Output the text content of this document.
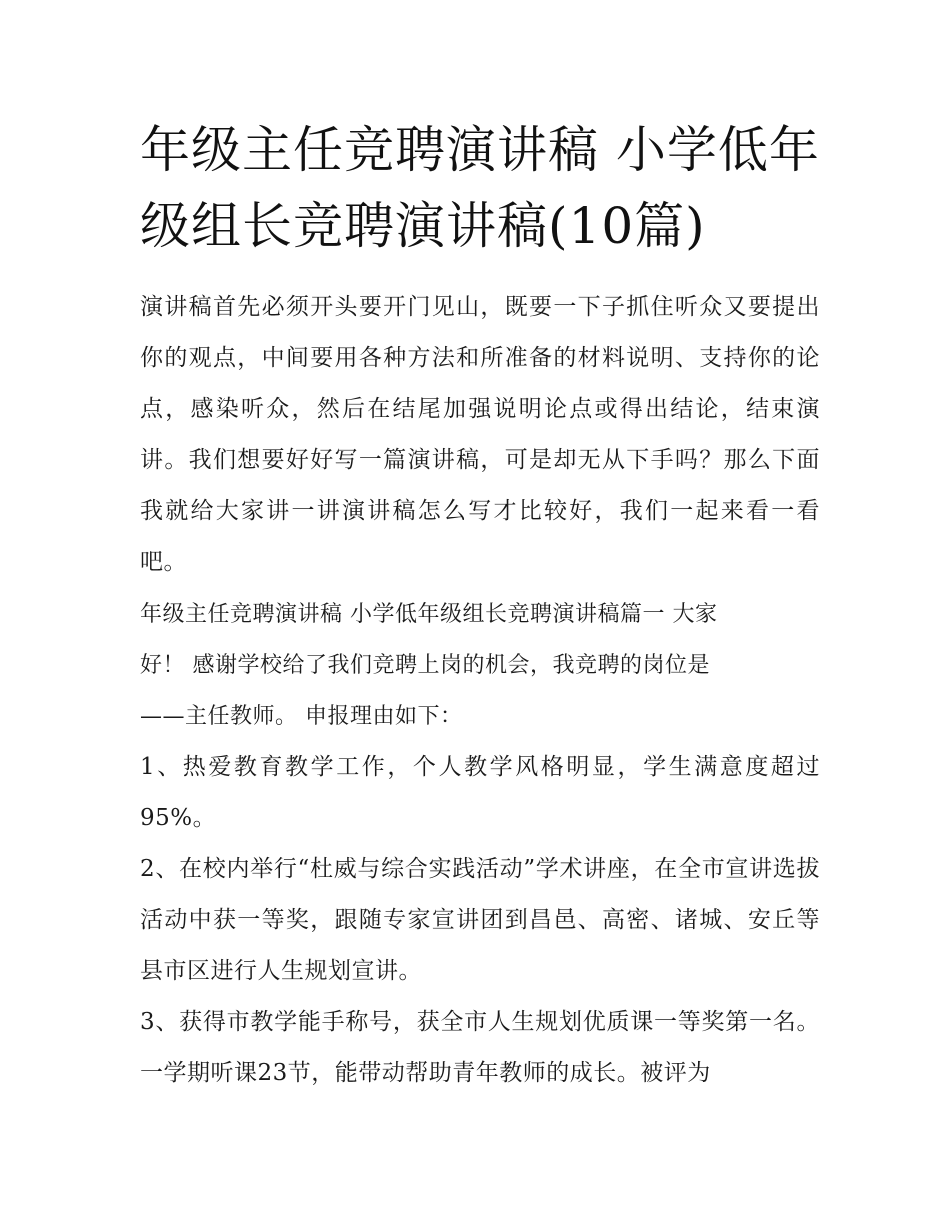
年级主任竞聘演讲稿 小学低年级组长竞聘演讲稿(10篇)

演讲稿首先必须开头要开门见山，既要一下子抓住听众又要提出你的观点，中间要用各种方法和所准备的材料说明、支持你的论点，感染听众，然后在结尾加强说明论点或得出结论，结束演讲。我们想要好好写一篇演讲稿，可是却无从下手吗？那么下面我就给大家讲一讲演讲稿怎么写才比较好，我们一起来看一看吧。

年级主任竞聘演讲稿 小学低年级组长竞聘演讲稿篇一 大家

好！ 感谢学校给了我们竞聘上岗的机会，我竞聘的岗位是

——主任教师。 申报理由如下：

1、热爱教育教学工作，个人教学风格明显，学生满意度超过95%。

2、在校内举行“杜威与综合实践活动”学术讲座，在全市宣讲选拔活动中获一等奖，跟随专家宣讲团到昌邑、高密、诸城、安丘等县市区进行人生规划宣讲。

3、获得市教学能手称号，获全市人生规划优质课一等奖第一名。一学期听课23节，能带动帮助青年教师的成长。被评为
